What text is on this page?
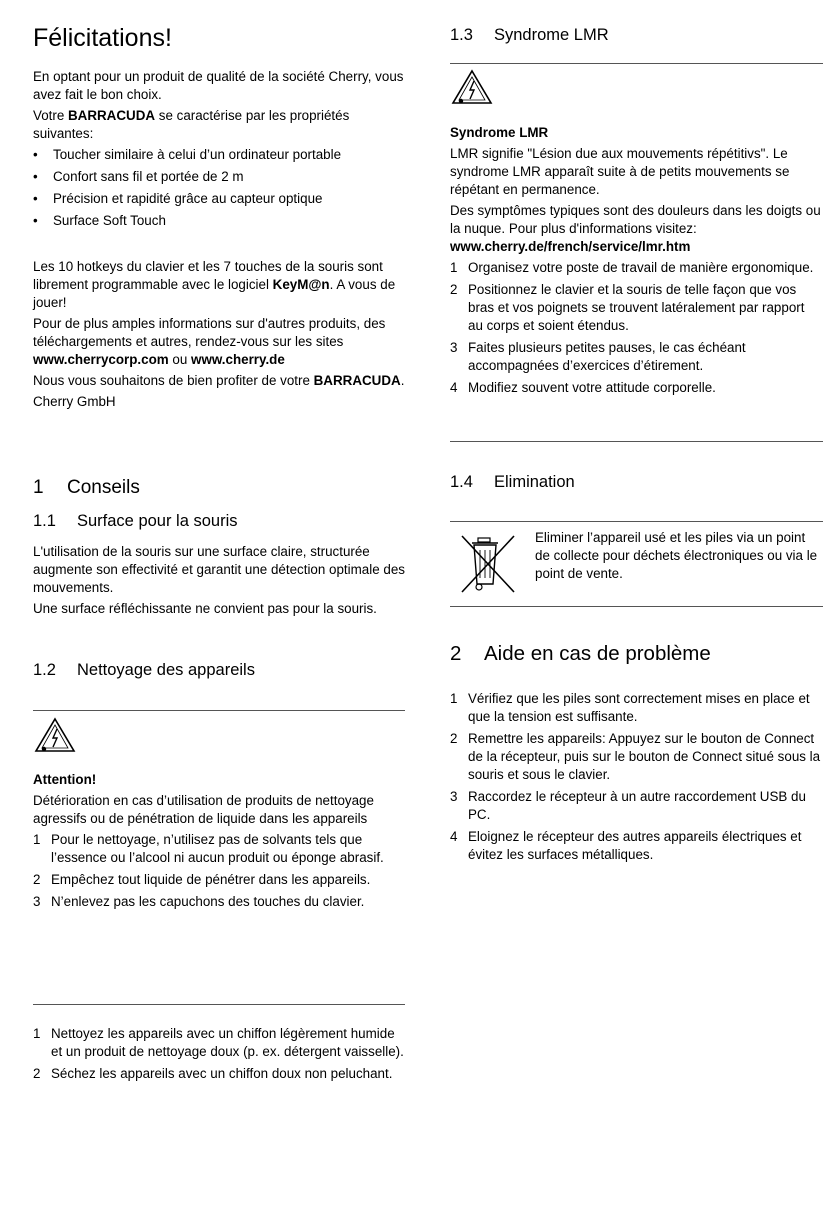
Félicitations!

En optant pour un produit de qualité de la société Cherry, vous avez fait le bon choix.

Votre BARRACUDA se caractérise par les propriétés suivantes:

• Toucher similaire à celui d’un ordinateur portable
• Confort sans fil et portée de 2 m
• Précision et rapidité grâce au capteur optique
• Surface Soft Touch

Les 10 hotkeys du clavier et les 7 touches de la souris sont librement programmable avec le logiciel KeyM@n. A vous de jouer!

Pour de plus amples informations sur d'autres produits, des téléchargements et autres, rendez-vous sur les sites www.cherrycorp.com ou www.cherry.de

Nous vous souhaitons de bien profiter de votre BARRACUDA.

Cherry GmbH

1 Conseils
1.1 Surface pour la souris

L'utilisation de la souris sur une surface claire, structurée augmente son effectivité et garantit une détection optimale des mouvements.

Une surface réfléchissante ne convient pas pour la souris.

1.2 Nettoyage des appareils

Attention!

Détérioration en cas d’utilisation de produits de nettoyage agressifs ou de pénétration de liquide dans les appareils

1 Pour le nettoyage, n’utilisez pas de solvants tels que l’essence ou l’alcool ni aucun produit ou éponge abrasif.
2 Empêchez tout liquide de pénétrer dans les appareils.
3 N’enlevez pas les capuchons des touches du clavier.
1 Nettoyez les appareils avec un chiffon légèrement humide et un produit de nettoyage doux (p. ex. détergent vaisselle).
2 Séchez les appareils avec un chiffon doux non peluchant.
1.3 Syndrome LMR

Syndrome LMR

LMR signifie "Lésion due aux mouvements répétitivs". Le syndrome LMR apparaît suite à de petits mouvements se répétant en permanence.

Des symptômes typiques sont des douleurs dans les doigts ou la nuque. Pour plus d'informations visitez: www.cherry.de/french/service/lmr.htm

1 Organisez votre poste de travail de manière ergonomique.
2 Positionnez le clavier et la souris de telle façon que vos bras et vos poignets se trouvent latéralement par rapport au corps et soient étendus.
3 Faites plusieurs petites pauses, le cas échéant accompagnées d’exercices d’étirement.
4 Modifiez souvent votre attitude corporelle.
1.4 Elimination

Eliminer l’appareil usé et les piles via un point de collecte pour déchets électroniques ou via le point de vente.

2 Aide en cas de problème
1 Vérifiez que les piles sont correctement mises en place et que la tension est suffisante.
2 Remettre les appareils: Appuyez sur le bouton de Connect de la récepteur, puis sur le bouton de Connect situé sous la souris et sous le clavier.
3 Raccordez le récepteur à un autre raccordement USB du PC.
4 Eloignez le récepteur des autres appareils électriques et évitez les surfaces métalliques.
